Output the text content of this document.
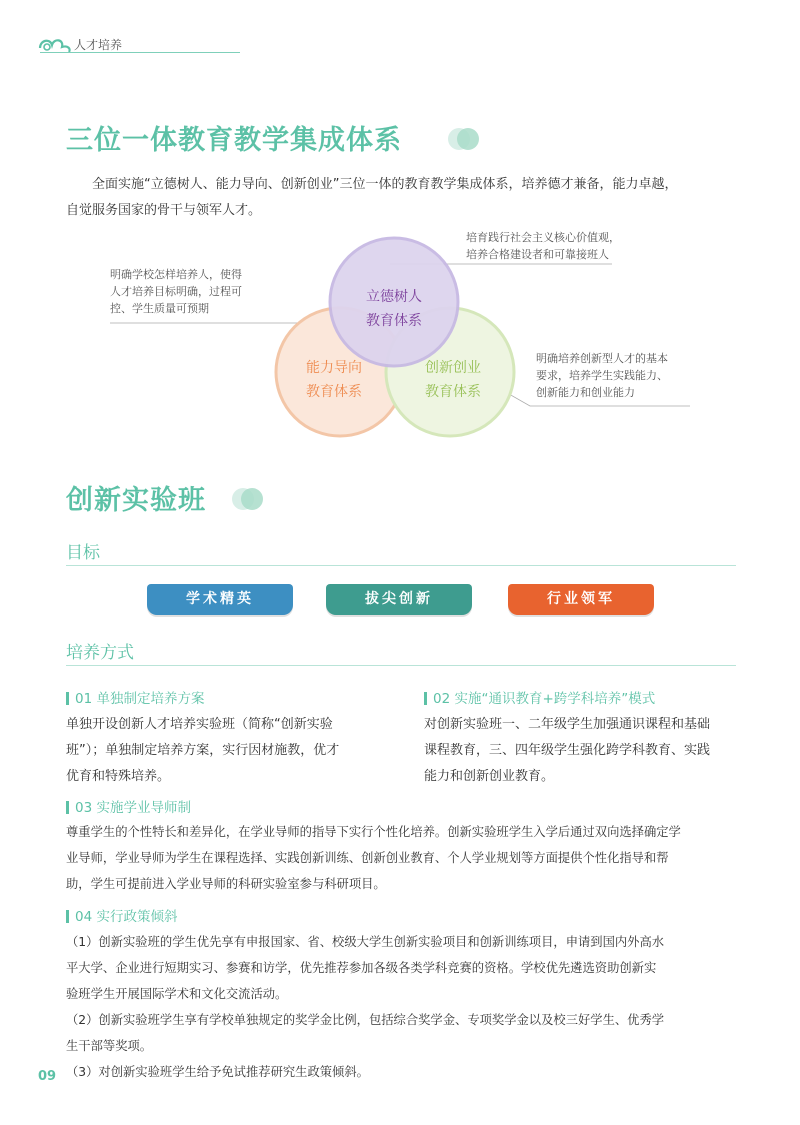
人才培养
三位一体教育教学集成体系
全面实施“立德树人、能力导向、创新创业”三位一体的教育教学集成体系，培养德才兼备，能力卓越，
自觉服务国家的骨干与领军人才。
立德树人
教育体系
能力导向
教育体系
创新创业
教育体系
培育践行社会主义核心价值观，
培养合格建设者和可靠接班人
明确学校怎样培养人，使得
人才培养目标明确，过程可
控、学生质量可预期
明确培养创新型人才的基本
要求，培养学生实践能力、
创新能力和创业能力
创新实验班
目标
学术精英	拔尖创新	行业领军
培养方式
01 单独制定培养方案
单独开设创新人才培养实验班（简称“创新实验
班”）；单独制定培养方案，实行因材施教，优才
优育和特殊培养。
02 实施“通识教育+跨学科培养”模式
对创新实验班一、二年级学生加强通识课程和基础
课程教育，三、四年级学生强化跨学科教育、实践
能力和创新创业教育。
03 实施学业导师制
尊重学生的个性特长和差异化，在学业导师的指导下实行个性化培养。创新实验班学生入学后通过双向选择确定学
业导师，学业导师为学生在课程选择、实践创新训练、创新创业教育、个人学业规划等方面提供个性化指导和帮
助，学生可提前进入学业导师的科研实验室参与科研项目。
04 实行政策倾斜
（1）创新实验班的学生优先享有申报国家、省、校级大学生创新实验项目和创新训练项目，申请到国内外高水
平大学、企业进行短期实习、参赛和访学，优先推荐参加各级各类学科竞赛的资格。学校优先遴选资助创新实
验班学生开展国际学术和文化交流活动。
（2）创新实验班学生享有学校单独规定的奖学金比例，包括综合奖学金、专项奖学金以及校三好学生、优秀学
生干部等奖项。
（3）对创新实验班学生给予免试推荐研究生政策倾斜。
09
